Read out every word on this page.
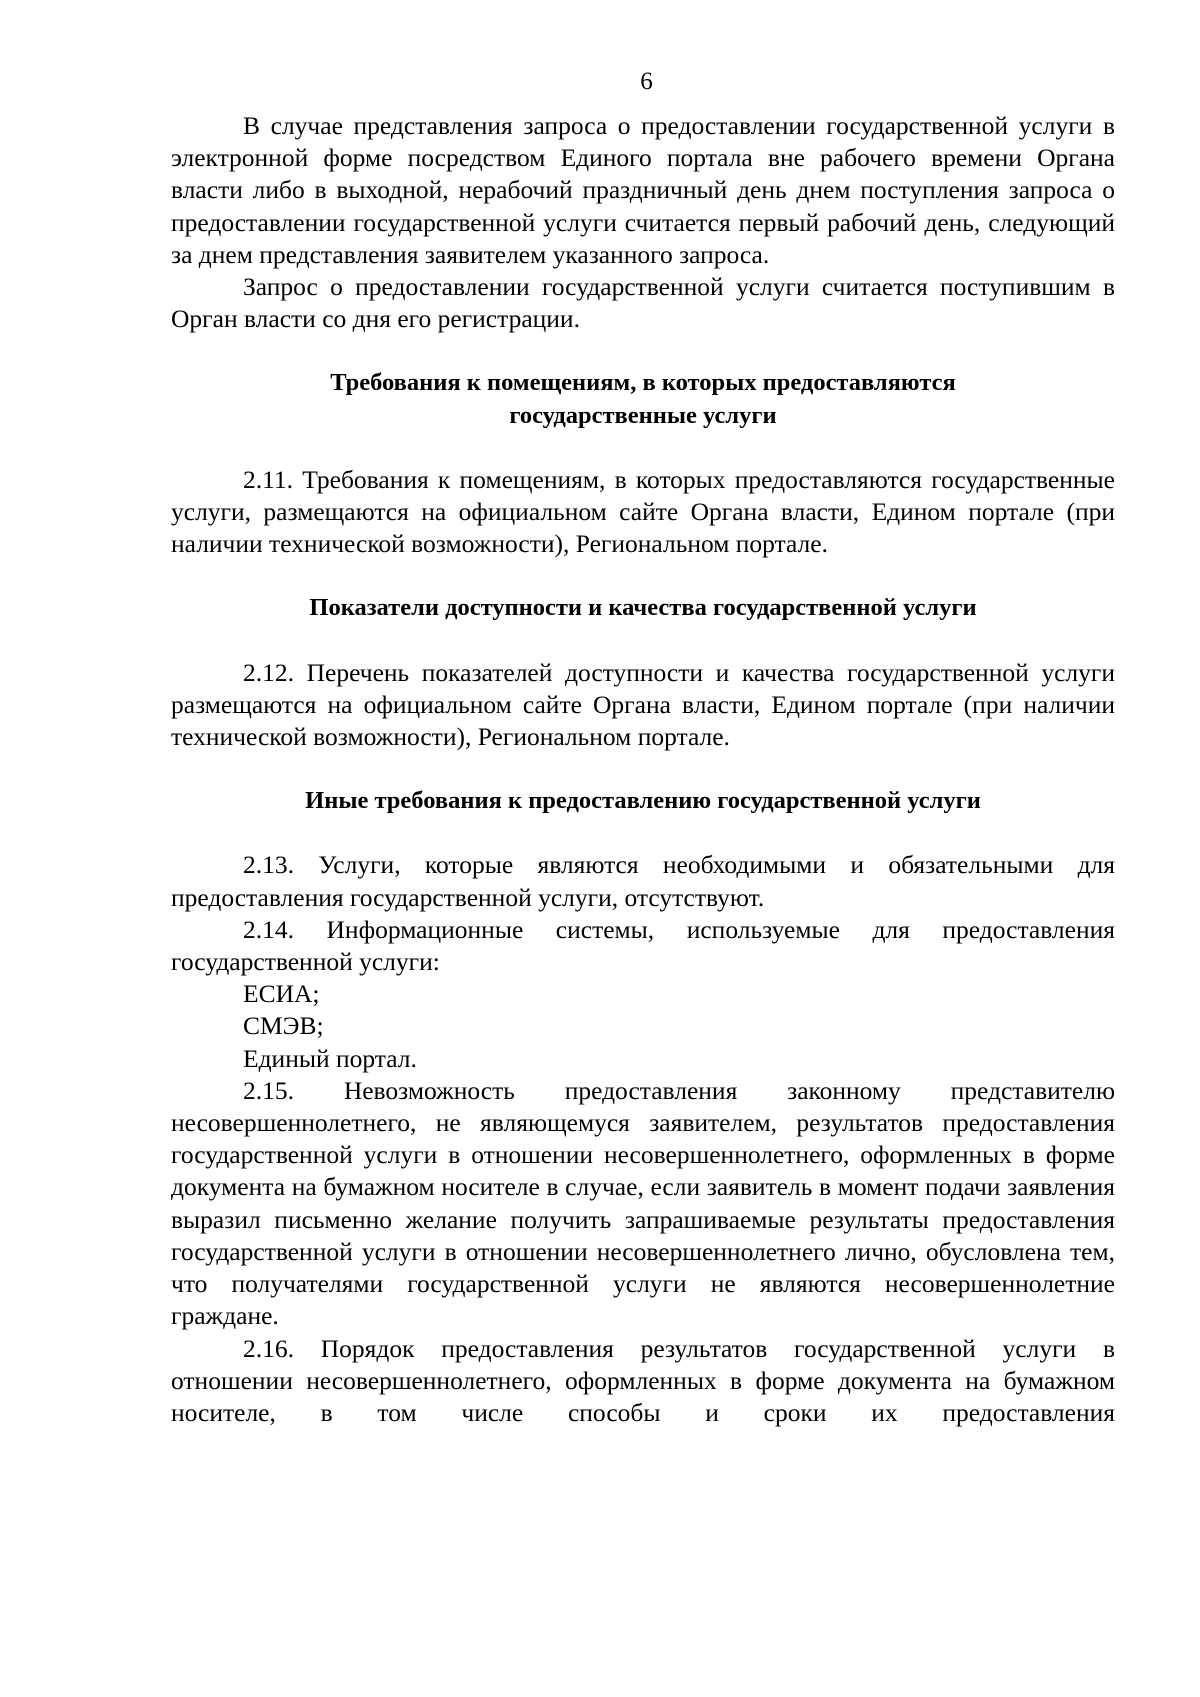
6

В случае представления запроса о предоставлении государственной услуги в электронной форме посредством Единого портала вне рабочего времени Органа власти либо в выходной, нерабочий праздничный день днем поступления запроса о предоставлении государственной услуги считается первый рабочий день, следующий за днем представления заявителем указанного запроса.

Запрос о предоставлении государственной услуги считается поступившим в Орган власти со дня его регистрации.

Требования к помещениям, в которых предоставляются
государственные услуги

2.11. Требования к помещениям, в которых предоставляются государственные услуги, размещаются на официальном сайте Органа власти, Едином портале (при наличии технической возможности), Региональном портале.

Показатели доступности и качества государственной услуги

2.12. Перечень показателей доступности и качества государственной услуги размещаются на официальном сайте Органа власти, Едином портале (при наличии технической возможности), Региональном портале.

Иные требования к предоставлению государственной услуги

2.13. Услуги, которые являются необходимыми и обязательными для предоставления государственной услуги, отсутствуют.

2.14. Информационные системы, используемые для предоставления государственной услуги:

ЕСИА;
СМЭВ;
Единый портал.

2.15. Невозможность предоставления законному представителю несовершеннолетнего, не являющемуся заявителем, результатов предоставления государственной услуги в отношении несовершеннолетнего, оформленных в форме документа на бумажном носителе в случае, если заявитель в момент подачи заявления выразил письменно желание получить запрашиваемые результаты предоставления государственной услуги в отношении несовершеннолетнего лично, обусловлена тем, что получателями государственной услуги не являются несовершеннолетние граждане.

2.16. Порядок предоставления результатов государственной услуги в отношении несовершеннолетнего, оформленных в форме документа на бумажном носителе, в том числе способы и сроки их предоставления
